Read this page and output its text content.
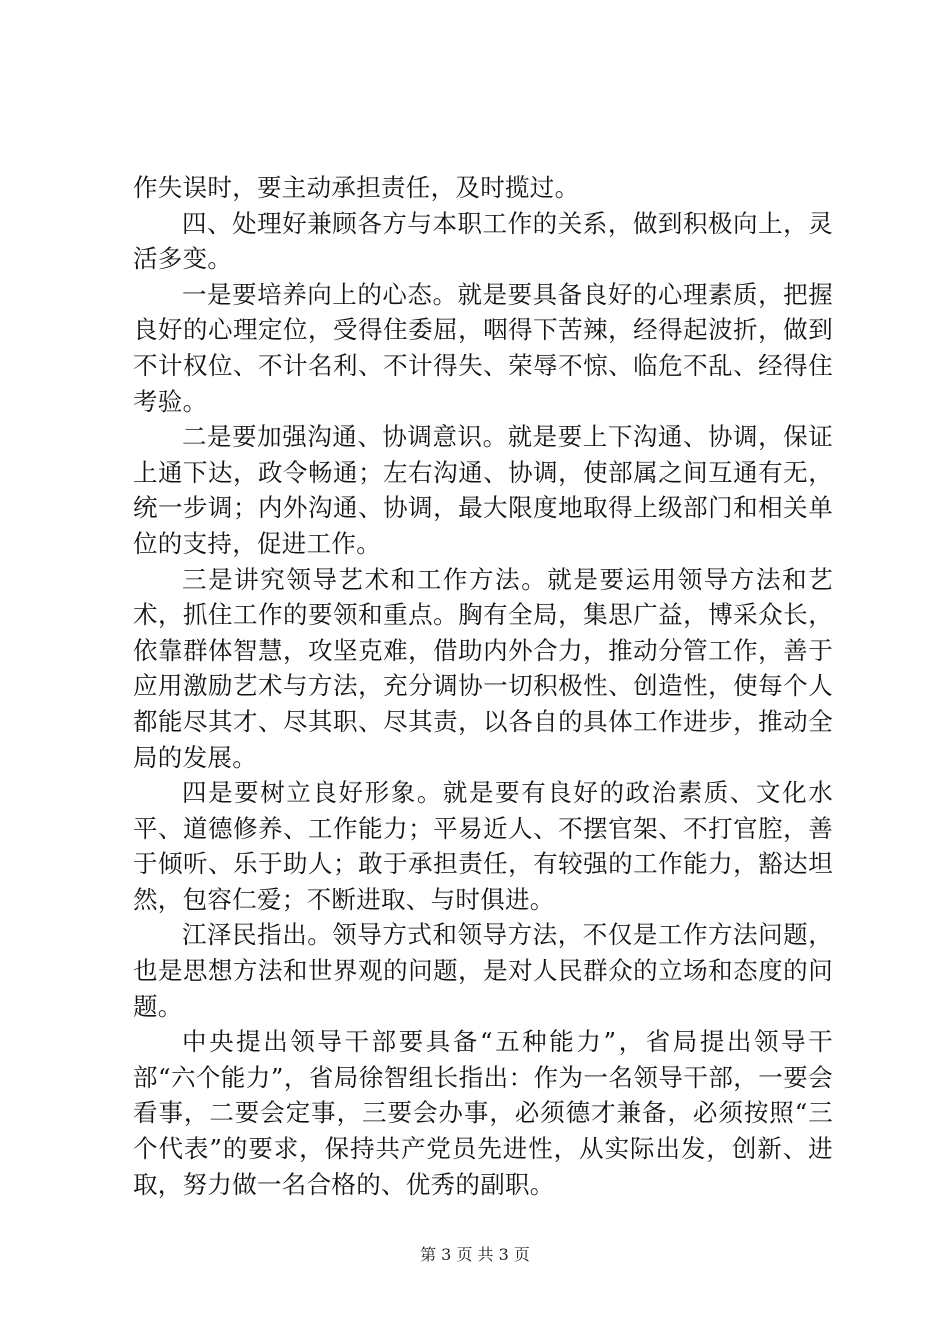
作失误时，要主动承担责任，及时揽过。

四、处理好兼顾各方与本职工作的关系，做到积极向上，灵活多变。

一是要培养向上的心态。就是要具备良好的心理素质，把握良好的心理定位，受得住委屈，咽得下苦辣，经得起波折，做到不计权位、不计名利、不计得失、荣辱不惊、临危不乱、经得住考验。

二是要加强沟通、协调意识。就是要上下沟通、协调，保证上通下达，政令畅通；左右沟通、协调，使部属之间互通有无，统一步调；内外沟通、协调，最大限度地取得上级部门和相关单位的支持，促进工作。

三是讲究领导艺术和工作方法。就是要运用领导方法和艺术，抓住工作的要领和重点。胸有全局，集思广益，博采众长，依靠群体智慧，攻坚克难，借助内外合力，推动分管工作，善于应用激励艺术与方法，充分调协一切积极性、创造性，使每个人都能尽其才、尽其职、尽其责，以各自的具体工作进步，推动全局的发展。

四是要树立良好形象。就是要有良好的政治素质、文化水平、道德修养、工作能力；平易近人、不摆官架、不打官腔，善于倾听、乐于助人；敢于承担责任，有较强的工作能力，豁达坦然，包容仁爱；不断进取、与时俱进。

江泽民指出。领导方式和领导方法，不仅是工作方法问题，也是思想方法和世界观的问题，是对人民群众的立场和态度的问题。

中央提出领导干部要具备“五种能力”，省局提出领导干部“六个能力”，省局徐智组长指出：作为一名领导干部，一要会看事，二要会定事，三要会办事，必须德才兼备，必须按照“三个代表”的要求，保持共产党员先进性，从实际出发，创新、进取，努力做一名合格的、优秀的副职。

第 3 页 共 3 页
